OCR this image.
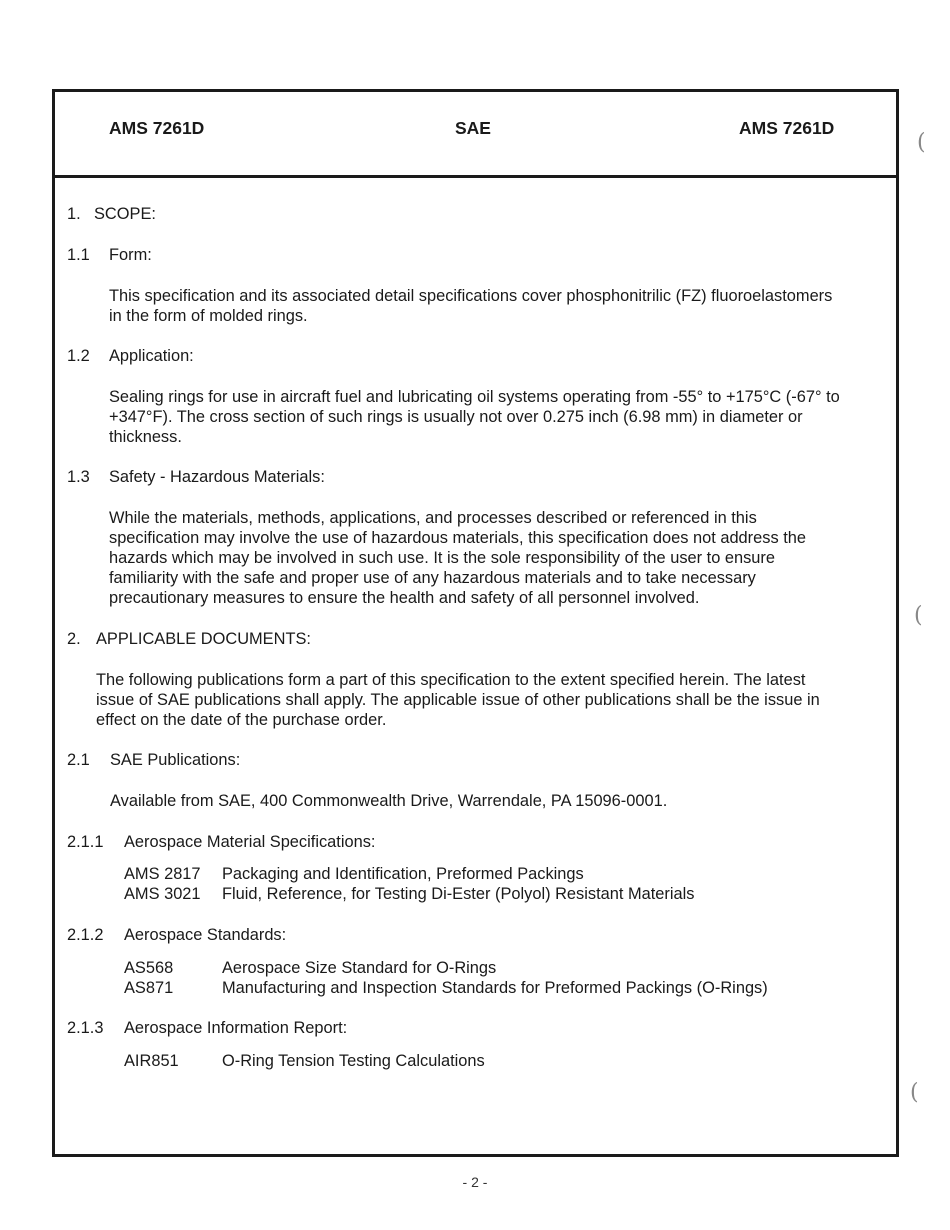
AMS 7261D	SAE	AMS 7261D
1. SCOPE:
1.1 Form:
This specification and its associated detail specifications cover phosphonitrilic (FZ) fluoroelastomers
in the form of molded rings.
1.2 Application:
Sealing rings for use in aircraft fuel and lubricating oil systems operating from -55° to +175°C (-67° to
+347°F). The cross section of such rings is usually not over 0.275 inch (6.98 mm) in diameter or
thickness.
1.3 Safety - Hazardous Materials:
While the materials, methods, applications, and processes described or referenced in this
specification may involve the use of hazardous materials, this specification does not address the
hazards which may be involved in such use. It is the sole responsibility of the user to ensure
familiarity with the safe and proper use of any hazardous materials and to take necessary
precautionary measures to ensure the health and safety of all personnel involved.
2. APPLICABLE DOCUMENTS:
The following publications form a part of this specification to the extent specified herein. The latest
issue of SAE publications shall apply. The applicable issue of other publications shall be the issue in
effect on the date of the purchase order.
2.1 SAE Publications:
Available from SAE, 400 Commonwealth Drive, Warrendale, PA 15096-0001.
2.1.1 Aerospace Material Specifications:
AMS 2817 Packaging and Identification, Preformed Packings
AMS 3021 Fluid, Reference, for Testing Di-Ester (Polyol) Resistant Materials
2.1.2 Aerospace Standards:
AS568	Aerospace Size Standard for O-Rings
AS871	Manufacturing and Inspection Standards for Preformed Packings (O-Rings)
2.1.3 Aerospace Information Report:
AIR851	O-Ring Tension Testing Calculations
(
(
(
- 2 -
